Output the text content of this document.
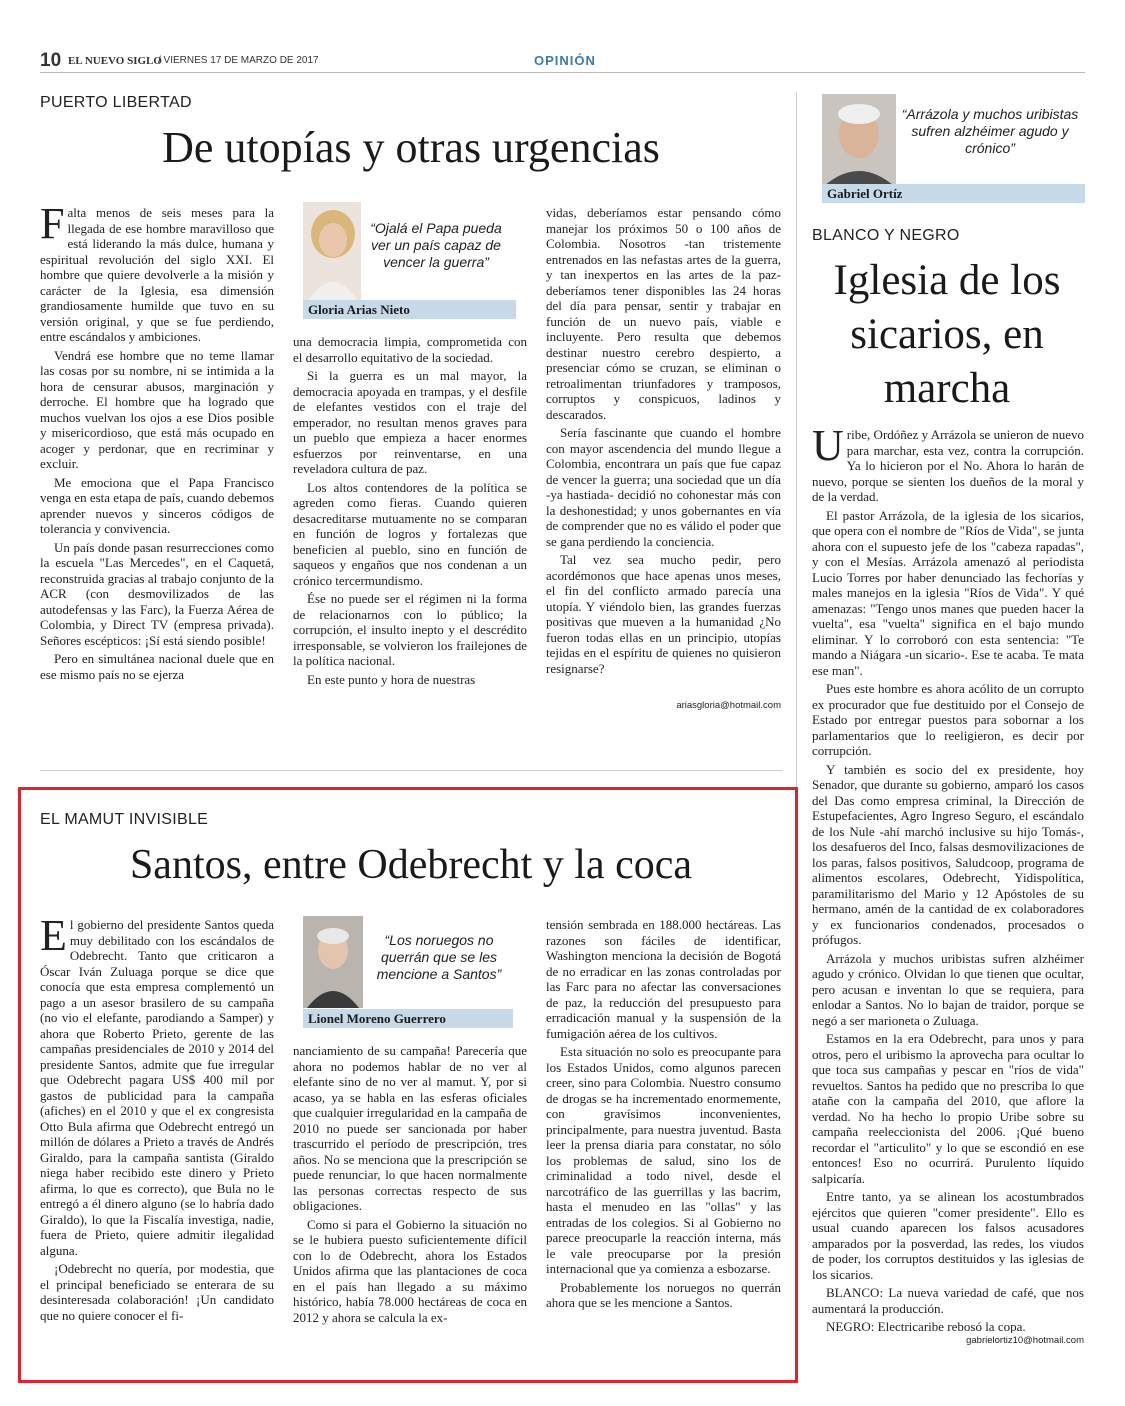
10 EL NUEVO SIGLO
/ VIERNES 17 DE MARZO DE 2017	OPINIÓN
PUERTO LIBERTAD
De utopías y otras urgencias
F alta menos de seis meses para la llegada de ese hombre maravilloso que está liderando la más dulce, humana y espiritual revolución del siglo XXI. El hombre que quiere devolverle a la misión y carácter de la Iglesia, esa dimensión grandiosamente humilde que tuvo en su versión original, y que se fue perdiendo, entre escándalos y ambiciones.

Vendrá ese hombre que no teme llamar las cosas por su nombre, ni se intimida a la hora de censurar abusos, marginación y derroche. El hombre que ha logrado que muchos vuelvan los ojos a ese Dios posible y misericordioso, que está más ocupado en acoger y perdonar, que en recriminar y excluir.

Me emociona que el Papa Francisco venga en esta etapa de país, cuando debemos aprender nuevos y sinceros códigos de tolerancia y convivencia.

Un país donde pasan resurrecciones como la escuela "Las Mercedes", en el Caquetá, reconstruida gracias al trabajo conjunto de la ACR (con desmovilizados de las autodefensas y las Farc), la Fuerza Aérea de Colombia, y Direct TV (empresa privada). Señores escépticos: ¡Sí está siendo posible!

Pero en simultánea nacional duele que en ese mismo país no se ejerza

“Ojalá el Papa pueda ver un país capaz de vencer la guerra”
Gloria Arias Nieto

una democracia limpia, comprometida con el desarrollo equitativo de la sociedad.

Si la guerra es un mal mayor, la democracia apoyada en trampas, y el desfile de elefantes vestidos con el traje del emperador, no resultan menos graves para un pueblo que empieza a hacer enormes esfuerzos por reinventarse, en una reveladora cultura de paz.

Los altos contendores de la política se agreden como fieras. Cuando quieren desacreditarse mutuamente no se comparan en función de logros y fortalezas que beneficien al pueblo, sino en función de saqueos y engaños que nos condenan a un crónico tercermundismo.

Ése no puede ser el régimen ni la forma de relacionarnos con lo público; la corrupción, el insulto inepto y el descrédito irresponsable, se volvieron los frailejones de la política nacional.

En este punto y hora de nuestras

vidas, deberíamos estar pensando cómo manejar los próximos 50 o 100 años de Colombia. Nosotros -tan tristemente entrenados en las nefastas artes de la guerra, y tan inexpertos en las artes de la paz- deberíamos tener disponibles las 24 horas del día para pensar, sentir y trabajar en función de un nuevo país, viable e incluyente. Pero resulta que debemos destinar nuestro cerebro despierto, a presenciar cómo se cruzan, se eliminan o retroalimentan triunfadores y tramposos, corruptos y conspicuos, ladinos y descarados.

Sería fascinante que cuando el hombre con mayor ascendencia del mundo llegue a Colombia, encontrara un país que fue capaz de vencer la guerra; una sociedad que un día -ya hastiada- decidió no cohonestar más con la deshonestidad; y unos gobernantes en vía de comprender que no es válido el poder que se gana perdiendo la conciencia.

Tal vez sea mucho pedir, pero acordémonos que hace apenas unos meses, el fin del conflicto armado parecía una utopía. Y viéndolo bien, las grandes fuerzas positivas que mueven a la humanidad ¿No fueron todas ellas en un principio, utopías tejidas en el espíritu de quienes no quisieron resignarse?

ariasgloria@hotmail.com
EL MAMUT INVISIBLE
Santos, entre Odebrecht y la coca
E l gobierno del presidente Santos queda muy debilitado con los escándalos de Odebrecht. Tanto que criticaron a Óscar Iván Zuluaga porque se dice que conocía que esta empresa complementó un pago a un asesor brasilero de su campaña (no vio el elefante, parodiando a Samper) y ahora que Roberto Prieto, gerente de las campañas presidenciales de 2010 y 2014 del presidente Santos, admite que fue irregular que Odebrecht pagara US$ 400 mil por gastos de publicidad para la campaña (afiches) en el 2010 y que el ex congresista Otto Bula afirma que Odebrecht entregó un millón de dólares a Prieto a través de Andrés Giraldo, para la campaña santista (Giraldo niega haber recibido este dinero y Prieto afirma, lo que es correcto), que Bula no le entregó a él dinero alguno (se lo habría dado Giraldo), lo que la Fiscalía investiga, nadie, fuera de Prieto, quiere admitir ilegalidad alguna.

¡Odebrecht no quería, por modestia, que el principal beneficiado se enterara de su desinteresada colaboración! ¡Un candidato que no quiere conocer el fi-

“Los noruegos no querrán que se les mencione a Santos”
Lionel Moreno Guerrero

nanciamiento de su campaña! Parecería que ahora no podemos hablar de no ver al elefante sino de no ver al mamut. Y, por si acaso, ya se habla en las esferas oficiales que cualquier irregularidad en la campaña de 2010 no puede ser sancionada por haber trascurrido el período de prescripción, tres años. No se menciona que la prescripción se puede renunciar, lo que hacen normalmente las personas correctas respecto de sus obligaciones.

Como si para el Gobierno la situación no se le hubiera puesto suficientemente difícil con lo de Odebrecht, ahora los Estados Unidos afirma que las plantaciones de coca en el país han llegado a su máximo histórico, había 78.000 hectáreas de coca en 2012 y ahora se calcula la ex-

tensión sembrada en 188.000 hectáreas. Las razones son fáciles de identificar, Washington menciona la decisión de Bogotá de no erradicar en las zonas controladas por las Farc para no afectar las conversaciones de paz, la reducción del presupuesto para erradicación manual y la suspensión de la fumigación aérea de los cultivos.

Esta situación no solo es preocupante para los Estados Unidos, como algunos parecen creer, sino para Colombia. Nuestro consumo de drogas se ha incrementado enormemente, con gravísimos inconvenientes, principalmente, para nuestra juventud. Basta leer la prensa diaria para constatar, no sólo los problemas de salud, sino los de criminalidad a todo nivel, desde el narcotráfico de las guerrillas y las bacrim, hasta el menudeo en las "ollas" y las entradas de los colegios. Si al Gobierno no parece preocuparle la reacción interna, más le vale preocuparse por la presión internacional que ya comienza a esbozarse.

Probablemente los noruegos no querrán ahora que se les mencione a Santos.

“Arrázola y muchos uribistas sufren alzhéimer agudo y crónico”
Gabriel Ortíz
BLANCO Y NEGRO
Iglesia de los sicarios, en marcha
U ribe, Ordóñez y Arrázola se unieron de nuevo para marchar, esta vez, contra la corrupción. Ya lo hicieron por el No. Ahora lo harán de nuevo, porque se sienten los dueños de la moral y de la verdad.

El pastor Arrázola, de la iglesia de los sicarios, que opera con el nombre de "Ríos de Vida", se junta ahora con el supuesto jefe de los "cabeza rapadas", y con el Mesías. Arrázola amenazó al periodista Lucio Torres por haber denunciado las fechorías y males manejos en la iglesia "Ríos de Vida". Y qué amenazas: "Tengo unos manes que pueden hacer la vuelta", esa "vuelta" significa en el bajo mundo eliminar. Y lo corroboró con esta sentencia: "Te mando a Niágara -un sicario-. Ese te acaba. Te mata ese man".

Pues este hombre es ahora acólito de un corrupto ex procurador que fue destituido por el Consejo de Estado por entregar puestos para sobornar a los parlamentarios que lo reeligieron, es decir por corrupción.

Y también es socio del ex presidente, hoy Senador, que durante su gobierno, amparó los casos del Das como empresa criminal, la Dirección de Estupefacientes, Agro Ingreso Seguro, el escándalo de los Nule -ahí marchó inclusive su hijo Tomás-, los desafueros del Inco, falsas desmovilizaciones de los paras, falsos positivos, Saludcoop, programa de alimentos escolares, Odebrecht, Yidispolítica, paramilitarismo del Mario y 12 Apóstoles de su hermano, amén de la cantidad de ex colaboradores y ex funcionarios condenados, procesados o prófugos.

Arrázola y muchos uribistas sufren alzhéimer agudo y crónico. Olvidan lo que tienen que ocultar, pero acusan e inventan lo que se requiera, para enlodar a Santos. No lo bajan de traidor, porque se negó a ser marioneta o Zuluaga.

Estamos en la era Odebrecht, para unos y para otros, pero el uribismo la aprovecha para ocultar lo que toca sus campañas y pescar en "ríos de vida" revueltos. Santos ha pedido que no prescriba lo que atañe con la campaña del 2010, que aflore la verdad. No ha hecho lo propio Uribe sobre su campaña reeleccionista del 2006. ¡Qué bueno recordar el "articulito" y lo que se escondió en ese entonces! Eso no ocurrirá. Purulento líquido salpicaría.

Entre tanto, ya se alinean los acostumbrados ejércitos que quieren "comer presidente". Ello es usual cuando aparecen los falsos acusadores amparados por la posverdad, las redes, los viudos de poder, los corruptos destituidos y las iglesias de los sicarios.

BLANCO: La nueva variedad de café, que nos aumentará la producción.

NEGRO: Electricaribe rebosó la copa.

gabrielortiz10@hotmail.com
